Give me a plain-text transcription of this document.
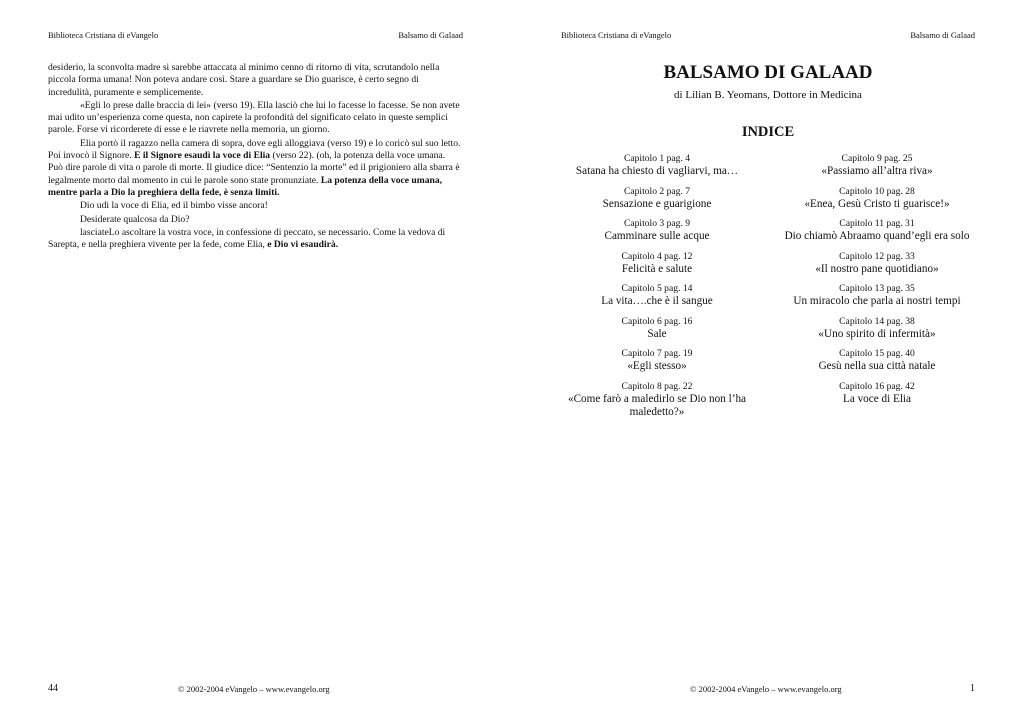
Biblioteca Cristiana di eVangelo	Balsamo di Galaad

desiderio, la sconvolta madre si sarebbe attaccata al minimo cenno di ritorno di vita, scrutandolo nella piccola forma umana! Non poteva andare così. Stare a guardare se Dio guarisce, è certo segno di incredulità, puramente e semplicemente.

«Egli lo prese dalle braccia di lei» (verso 19). Ella lasciò che lui lo facesse lo facesse. Se non avete mai udito un’esperienza come questa, non capirete la profondità del significato celato in queste semplici parole. Forse vi ricorderete di esse e le riavrete nella memoria, un giorno.

Elia portò il ragazzo nella camera di sopra, dove egli alloggiava (verso 19) e lo coricò sul suo letto. Poi invocò il Signore. E il Signore esaudì la voce di Elia (verso 22). (oh, la potenza della voce umana. Può dire parole di vita o parole di morte. Il giudice dice: “Sentenzio la morte” ed il prigioniero alla sbarra è legalmente morto dal momento in cui le parole sono state pronunziate. La potenza della voce umana, mentre parla a Dio la preghiera della fede, è senza limiti.

Dio udì la voce di Elia, ed il bimbo visse ancora!

Desiderate qualcosa da Dio?

lasciateLo ascoltare la vostra voce, in confessione di peccato, se necessario. Come la vedova di Sarepta, e nella preghiera vivente per la fede, come Elia, e Dio vi esaudirà.

44	© 2002-2004 eVangelo – www.evangelo.org
Biblioteca Cristiana di eVangelo	Balsamo di Galaad
BALSAMO DI GALAAD
di Lilian B. Yeomans, Dottore in Medicina
INDICE
Capitolo 1 pag. 4
Satana ha chiesto di vagliarvi, ma…
Capitolo 2 pag. 7
Sensazione e guarigione
Capitolo 3 pag. 9
Camminare sulle acque
Capitolo 4 pag. 12
Felicità e salute
Capitolo 5 pag. 14
La vita….che è il sangue
Capitolo 6 pag. 16
Sale
Capitolo 7 pag. 19
«Egli stesso»
Capitolo 8 pag. 22
«Come farò a maledirlo se Dio non l’ha maledetto?»
Capitolo 9 pag. 25
«Passiamo all’altra riva»
Capitolo 10 pag. 28
«Enea, Gesù Cristo ti guarisce!»
Capitolo 11 pag. 31
Dio chiamò Abraamo quand’egli era solo
Capitolo 12 pag. 33
«Il nostro pane quotidiano»
Capitolo 13 pag. 35
Un miracolo che parla ai nostri tempi
Capitolo 14 pag. 38
«Uno spirito di infermità»
Capitolo 15 pag. 40
Gesù nella sua città natale
Capitolo 16 pag. 42
La voce di Elia
© 2002-2004 eVangelo – www.evangelo.org	1
